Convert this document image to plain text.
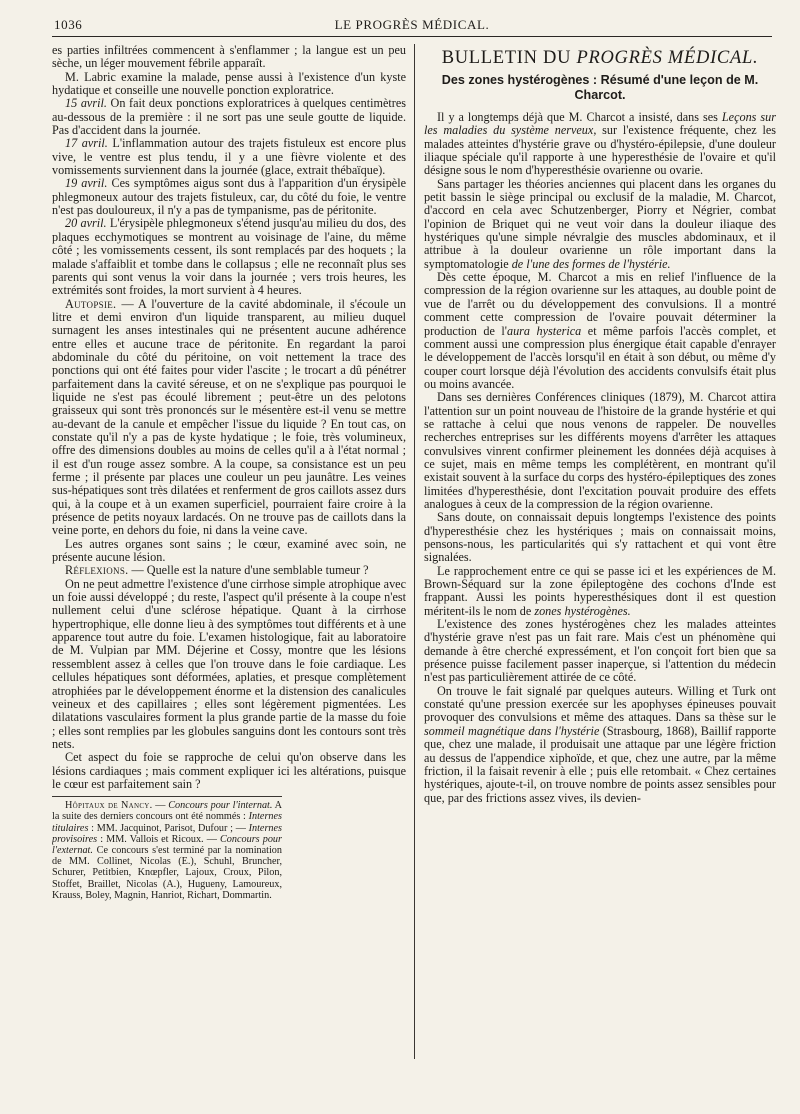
1036	LE PROGRÈS MÉDICAL.

es parties infiltrées commencent à s'enflammer ; la langue est un peu sèche, un léger mouvement fébrile apparaît.

M. Labric examine la malade, pense aussi à l'existence d'un kyste hydatique et conseille une nouvelle ponction exploratrice.

15 avril. On fait deux ponctions exploratrices à quelques centimètres au-dessous de la première : il ne sort pas une seule goutte de liquide. Pas d'accident dans la journée.

17 avril. L'inflammation autour des trajets fistuleux est encore plus vive, le ventre est plus tendu, il y a une fièvre violente et des vomissements surviennent dans la journée (glace, extrait thébaïque).

19 avril. Ces symptômes aigus sont dus à l'apparition d'un érysipèle phlegmoneux autour des trajets fistuleux, car, du côté du foie, le ventre n'est pas douloureux, il n'y a pas de tympanisme, pas de péritonite.

20 avril. L'érysipèle phlegmoneux s'étend jusqu'au milieu du dos, des plaques ecchymotiques se montrent au voisinage de l'aine, du même côté ; les vomissements cessent, ils sont remplacés par des hoquets ; la malade s'affaiblit et tombe dans le collapsus ; elle ne reconnaît plus ses parents qui sont venus la voir dans la journée ; vers trois heures, les extrémités sont froides, la mort survient à 4 heures.

Autopsie. — A l'ouverture de la cavité abdominale, il s'écoule un litre et demi environ d'un liquide transparent, au milieu duquel surnagent les anses intestinales qui ne présentent aucune adhérence entre elles et aucune trace de péritonite. En regardant la paroi abdominale du côté du péritoine, on voit nettement la trace des ponctions qui ont été faites pour vider l'ascite ; le trocart a dû pénétrer parfaitement dans la cavité séreuse, et on ne s'explique pas pourquoi le liquide ne s'est pas écoulé librement ; peut-être un des pelotons graisseux qui sont très prononcés sur le mésentère est-il venu se mettre au-devant de la canule et empêcher l'issue du liquide ? En tout cas, on constate qu'il n'y a pas de kyste hydatique ; le foie, très volumineux, offre des dimensions doubles au moins de celles qu'il a à l'état normal ; il est d'un rouge assez sombre. A la coupe, sa consistance est un peu ferme ; il présente par places une couleur un peu jaunâtre. Les veines sus-hépatiques sont très dilatées et renferment de gros caillots assez durs qui, à la coupe et à un examen superficiel, pourraient faire croire à la présence de petits noyaux lardacés. On ne trouve pas de caillots dans la veine porte, en dehors du foie, ni dans la veine cave.

Les autres organes sont sains ; le cœur, examiné avec soin, ne présente aucune lésion.

Réflexions. — Quelle est la nature d'une semblable tumeur ?

On ne peut admettre l'existence d'une cirrhose simple atrophique avec un foie aussi développé ; du reste, l'aspect qu'il présente à la coupe n'est nullement celui d'une sclérose hépatique. Quant à la cirrhose hypertrophique, elle donne lieu à des symptômes tout différents et à une apparence tout autre du foie. L'examen histologique, fait au laboratoire de M. Vulpian par MM. Déjerine et Cossy, montre que les lésions ressemblent assez à celles que l'on trouve dans le foie cardiaque. Les cellules hépatiques sont déformées, aplaties, et presque complètement atrophiées par le développement énorme et la distension des canalicules veineux et des capillaires ; elles sont légèrement pigmentées. Les dilatations vasculaires forment la plus grande partie de la masse du foie ; elles sont remplies par les globules sanguins dont les contours sont très nets.

Cet aspect du foie se rapproche de celui qu'on observe dans les lésions cardiaques ; mais comment expliquer ici les altérations, puisque le cœur est parfaitement sain ?

Hôpitaux de Nancy. — Concours pour l'internat. A la suite des derniers concours ont été nommés : Internes titulaires : MM. Jacquinot, Parisot, Dufour ; — Internes provisoires : MM. Vallois et Ricoux. — Concours pour l'externat. Ce concours s'est terminé par la nomination de MM. Collinet, Nicolas (E.), Schuhl, Bruncher, Schurer, Petitbien, Knœpfler, Lajoux, Croux, Pilon, Stoffet, Braillet, Nicolas (A.), Hugueny, Lamoureux, Krauss, Boley, Magnin, Hanriot, Richart, Dommartin.

BULLETIN DU PROGRÈS MÉDICAL.
Des zones hystérogènes : Résumé d'une leçon de M. Charcot.

Il y a longtemps déjà que M. Charcot a insisté, dans ses Leçons sur les maladies du système nerveux, sur l'existence fréquente, chez les malades atteintes d'hystérie grave ou d'hystéro-épilepsie, d'une douleur iliaque spéciale qu'il rapporte à une hyperesthésie de l'ovaire et qu'il désigne sous le nom d'hyperesthésie ovarienne ou ovarie.

Sans partager les théories anciennes qui placent dans les organes du petit bassin le siège principal ou exclusif de la maladie, M. Charcot, d'accord en cela avec Schutzenberger, Piorry et Négrier, combat l'opinion de Briquet qui ne veut voir dans la douleur iliaque des hystériques qu'une simple névralgie des muscles abdominaux, et il attribue à la douleur ovarienne un rôle important dans la symptomatologie de l'une des formes de l'hystérie.

Dès cette époque, M. Charcot a mis en relief l'influence de la compression de la région ovarienne sur les attaques, au double point de vue de l'arrêt ou du développement des convulsions. Il a montré comment cette compression de l'ovaire pouvait déterminer la production de l'aura hysterica et même parfois l'accès complet, et comment aussi une compression plus énergique était capable d'enrayer le développement de l'accès lorsqu'il en était à son début, ou même d'y couper court lorsque déjà l'évolution des accidents convulsifs était plus ou moins avancée.

Dans ses dernières Conférences cliniques (1879), M. Charcot attira l'attention sur un point nouveau de l'histoire de la grande hystérie et qui se rattache à celui que nous venons de rappeler. De nouvelles recherches entreprises sur les différents moyens d'arrêter les attaques convulsives vinrent confirmer pleinement les données déjà acquises à ce sujet, mais en même temps les complétèrent, en montrant qu'il existait souvent à la surface du corps des hystéro-épileptiques des zones limitées d'hyperesthésie, dont l'excitation pouvait produire des effets analogues à ceux de la compression de la région ovarienne.

Sans doute, on connaissait depuis longtemps l'existence des points d'hyperesthésie chez les hystériques ; mais on connaissait moins, pensons-nous, les particularités qui s'y rattachent et qui vont être signalées.

Le rapprochement entre ce qui se passe ici et les expériences de M. Brown-Séquard sur la zone épileptogène des cochons d'Inde est frappant. Aussi les points hyperesthésiques dont il est question méritent-ils le nom de zones hystérogènes.

L'existence des zones hystérogènes chez les malades atteintes d'hystérie grave n'est pas un fait rare. Mais c'est un phénomène qui demande à être cherché expressément, et l'on conçoit fort bien que sa présence puisse facilement passer inaperçue, si l'attention du médecin n'est pas particulièrement attirée de ce côté.

On trouve le fait signalé par quelques auteurs. Willing et Turk ont constaté qu'une pression exercée sur les apophyses épineuses pouvait provoquer des convulsions et même des attaques. Dans sa thèse sur le sommeil magnétique dans l'hystérie (Strasbourg, 1868), Baillif rapporte que, chez une malade, il produisait une attaque par une légère friction au dessus de l'appendice xiphoïde, et que, chez une autre, par la même friction, il la faisait revenir à elle ; puis elle retombait. « Chez certaines hystériques, ajoute-t-il, on trouve nombre de points assez sensibles pour que, par des frictions assez vives, ils devien-
